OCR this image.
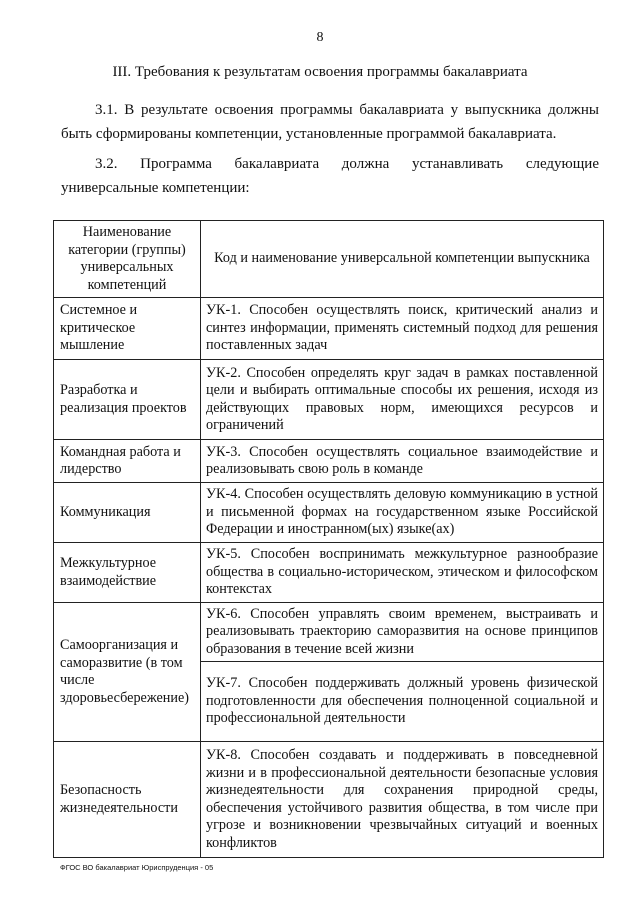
8
III. Требования к результатам освоения программы бакалавриата
3.1. В результате освоения программы бакалавриата у выпускника должны быть сформированы компетенции, установленные программой бакалавриата.
3.2. Программа бакалавриата должна устанавливать следующие
универсальные компетенции:
Наименование категории (группы) универсальных компетенций	Код и наименование универсальной компетенции выпускника
Системное и критическое мышление	УК-1. Способен осуществлять поиск, критический анализ и синтез информации, применять системный подход для решения поставленных задач
Разработка и реализация проектов	УК-2. Способен определять круг задач в рамках поставленной цели и выбирать оптимальные способы их решения, исходя из действующих правовых норм, имеющихся ресурсов и ограничений
Командная работа и лидерство	УК-3. Способен осуществлять социальное взаимодействие и реализовывать свою роль в команде
Коммуникация	УК-4. Способен осуществлять деловую коммуникацию в устной и письменной формах на государственном языке Российской Федерации и иностранном(ых) языке(ах)
Межкультурное взаимодействие	УК-5. Способен воспринимать межкультурное разнообразие общества в социально-историческом, этическом и философском контекстах
Самоорганизация и саморазвитие (в том числе здоровьесбережение)	УК-6. Способен управлять своим временем, выстраивать и реализовывать траекторию саморазвития на основе принципов образования в течение всей жизни
	УК-7. Способен поддерживать должный уровень физической подготовленности для обеспечения полноценной социальной и профессиональной деятельности
Безопасность жизнедеятельности	УК-8. Способен создавать и поддерживать в повседневной жизни и в профессиональной деятельности безопасные условия жизнедеятельности для сохранения природной среды, обеспечения устойчивого развития общества, в том числе при угрозе и возникновении чрезвычайных ситуаций и военных конфликтов
ФГОС ВО бакалавриат Юриспруденция - 05
